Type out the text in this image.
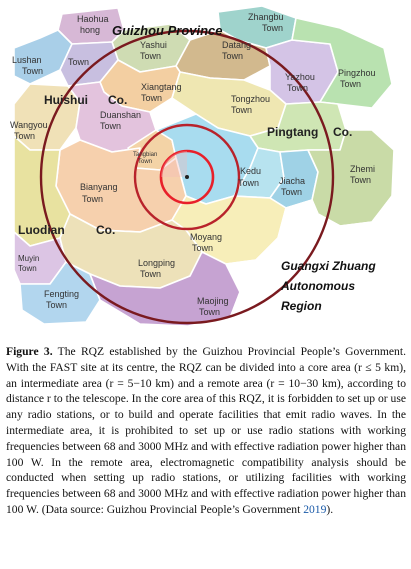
Guizhou Province
Haohua
hong
Zhangbu
Town
Yashui
Town
Datang
Town
Lushan
Town
Town
Yazhou
Town
Pingzhou
Town
Xiangtang
Town
Huishui Co.
Duanshan
Town
Tongzhou
Town
Wangyou
Town	Pingtang Co.
Tangbian
Town
Kedu
Town Jiacha
Town
Zhemi
Town
Bianyang
Town
Luodian	Co.	Moyang
Town
Muyin
Town
Longping
Town
Fengting
Town	Maojing
Town
Guangxi Zhuang
Autonomous
Region
Figure 3. The RQZ established by the Guizhou Provincial People’s Government. With the FAST site at its centre, the RQZ can be divided into a core area (r ≤ 5 km), an intermediate area (r = 5−10 km) and a remote area (r = 10−30 km), according to distance r to the telescope. In the core area of this RQZ, it is forbidden to set up or use any radio stations, or to build and operate facilities that emit radio waves. In the intermediate area, it is prohibited to set up or use radio stations with working frequencies between 68 and 3000 MHz and with effective radiation power higher than 100 W. In the remote area, electromagnetic compatibility analysis should be conducted when setting up radio stations, or utilizing facilities with working frequencies between 68 and 3000 MHz and with effective radiation power higher than 100 W. (Data source: Guizhou Provincial People’s Government 2019).
